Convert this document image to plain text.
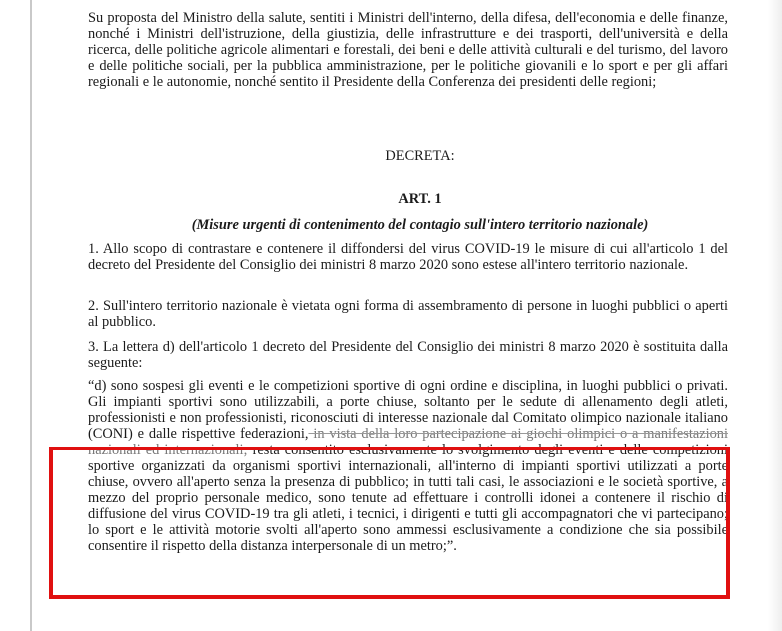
Su proposta del Ministro della salute, sentiti i Ministri dell'interno, della difesa, dell'economia e delle finanze, nonché i Ministri dell'istruzione, della giustizia, delle infrastrutture e dei trasporti, dell'università e della ricerca, delle politiche agricole alimentari e forestali, dei beni e delle attività culturali e del turismo, del lavoro e delle politiche sociali, per la pubblica amministrazione, per le politiche giovanili e lo sport e per gli affari regionali e le autonomie, nonché sentito il Presidente della Conferenza dei presidenti delle regioni;

DECRETA:

ART. 1

(Misure urgenti di contenimento del contagio sull'intero territorio nazionale)

1. Allo scopo di contrastare e contenere il diffondersi del virus COVID-19 le misure di cui all'articolo 1 del decreto del Presidente del Consiglio dei ministri 8 marzo 2020 sono estese all'intero territorio nazionale.

2. Sull'intero territorio nazionale è vietata ogni forma di assembramento di persone in luoghi pubblici o aperti al pubblico.

3. La lettera d) dell'articolo 1 decreto del Presidente del Consiglio dei ministri 8 marzo 2020 è sostituita dalla seguente:

“d) sono sospesi gli eventi e le competizioni sportive di ogni ordine e disciplina, in luoghi pubblici o privati. Gli impianti sportivi sono utilizzabili, a porte chiuse, soltanto per le sedute di allenamento degli atleti, professionisti e non professionisti, riconosciuti di interesse nazionale dal Comitato olimpico nazionale italiano (CONI) e dalle rispettive federazioni, in vista della loro partecipazione ai giochi olimpici o a manifestazioni nazionali ed internazionali; resta consentito esclusivamente lo svolgimento degli eventi e delle competizioni sportive organizzati da organismi sportivi internazionali, all'interno di impianti sportivi utilizzati a porte chiuse, ovvero all'aperto senza la presenza di pubblico; in tutti tali casi, le associazioni e le società sportive, a mezzo del proprio personale medico, sono tenute ad effettuare i controlli idonei a contenere il rischio di diffusione del virus COVID-19 tra gli atleti, i tecnici, i dirigenti e tutti gli accompagnatori che vi partecipano; lo sport e le attività motorie svolti all'aperto sono ammessi esclusivamente a condizione che sia possibile consentire il rispetto della distanza interpersonale di un metro;”.
